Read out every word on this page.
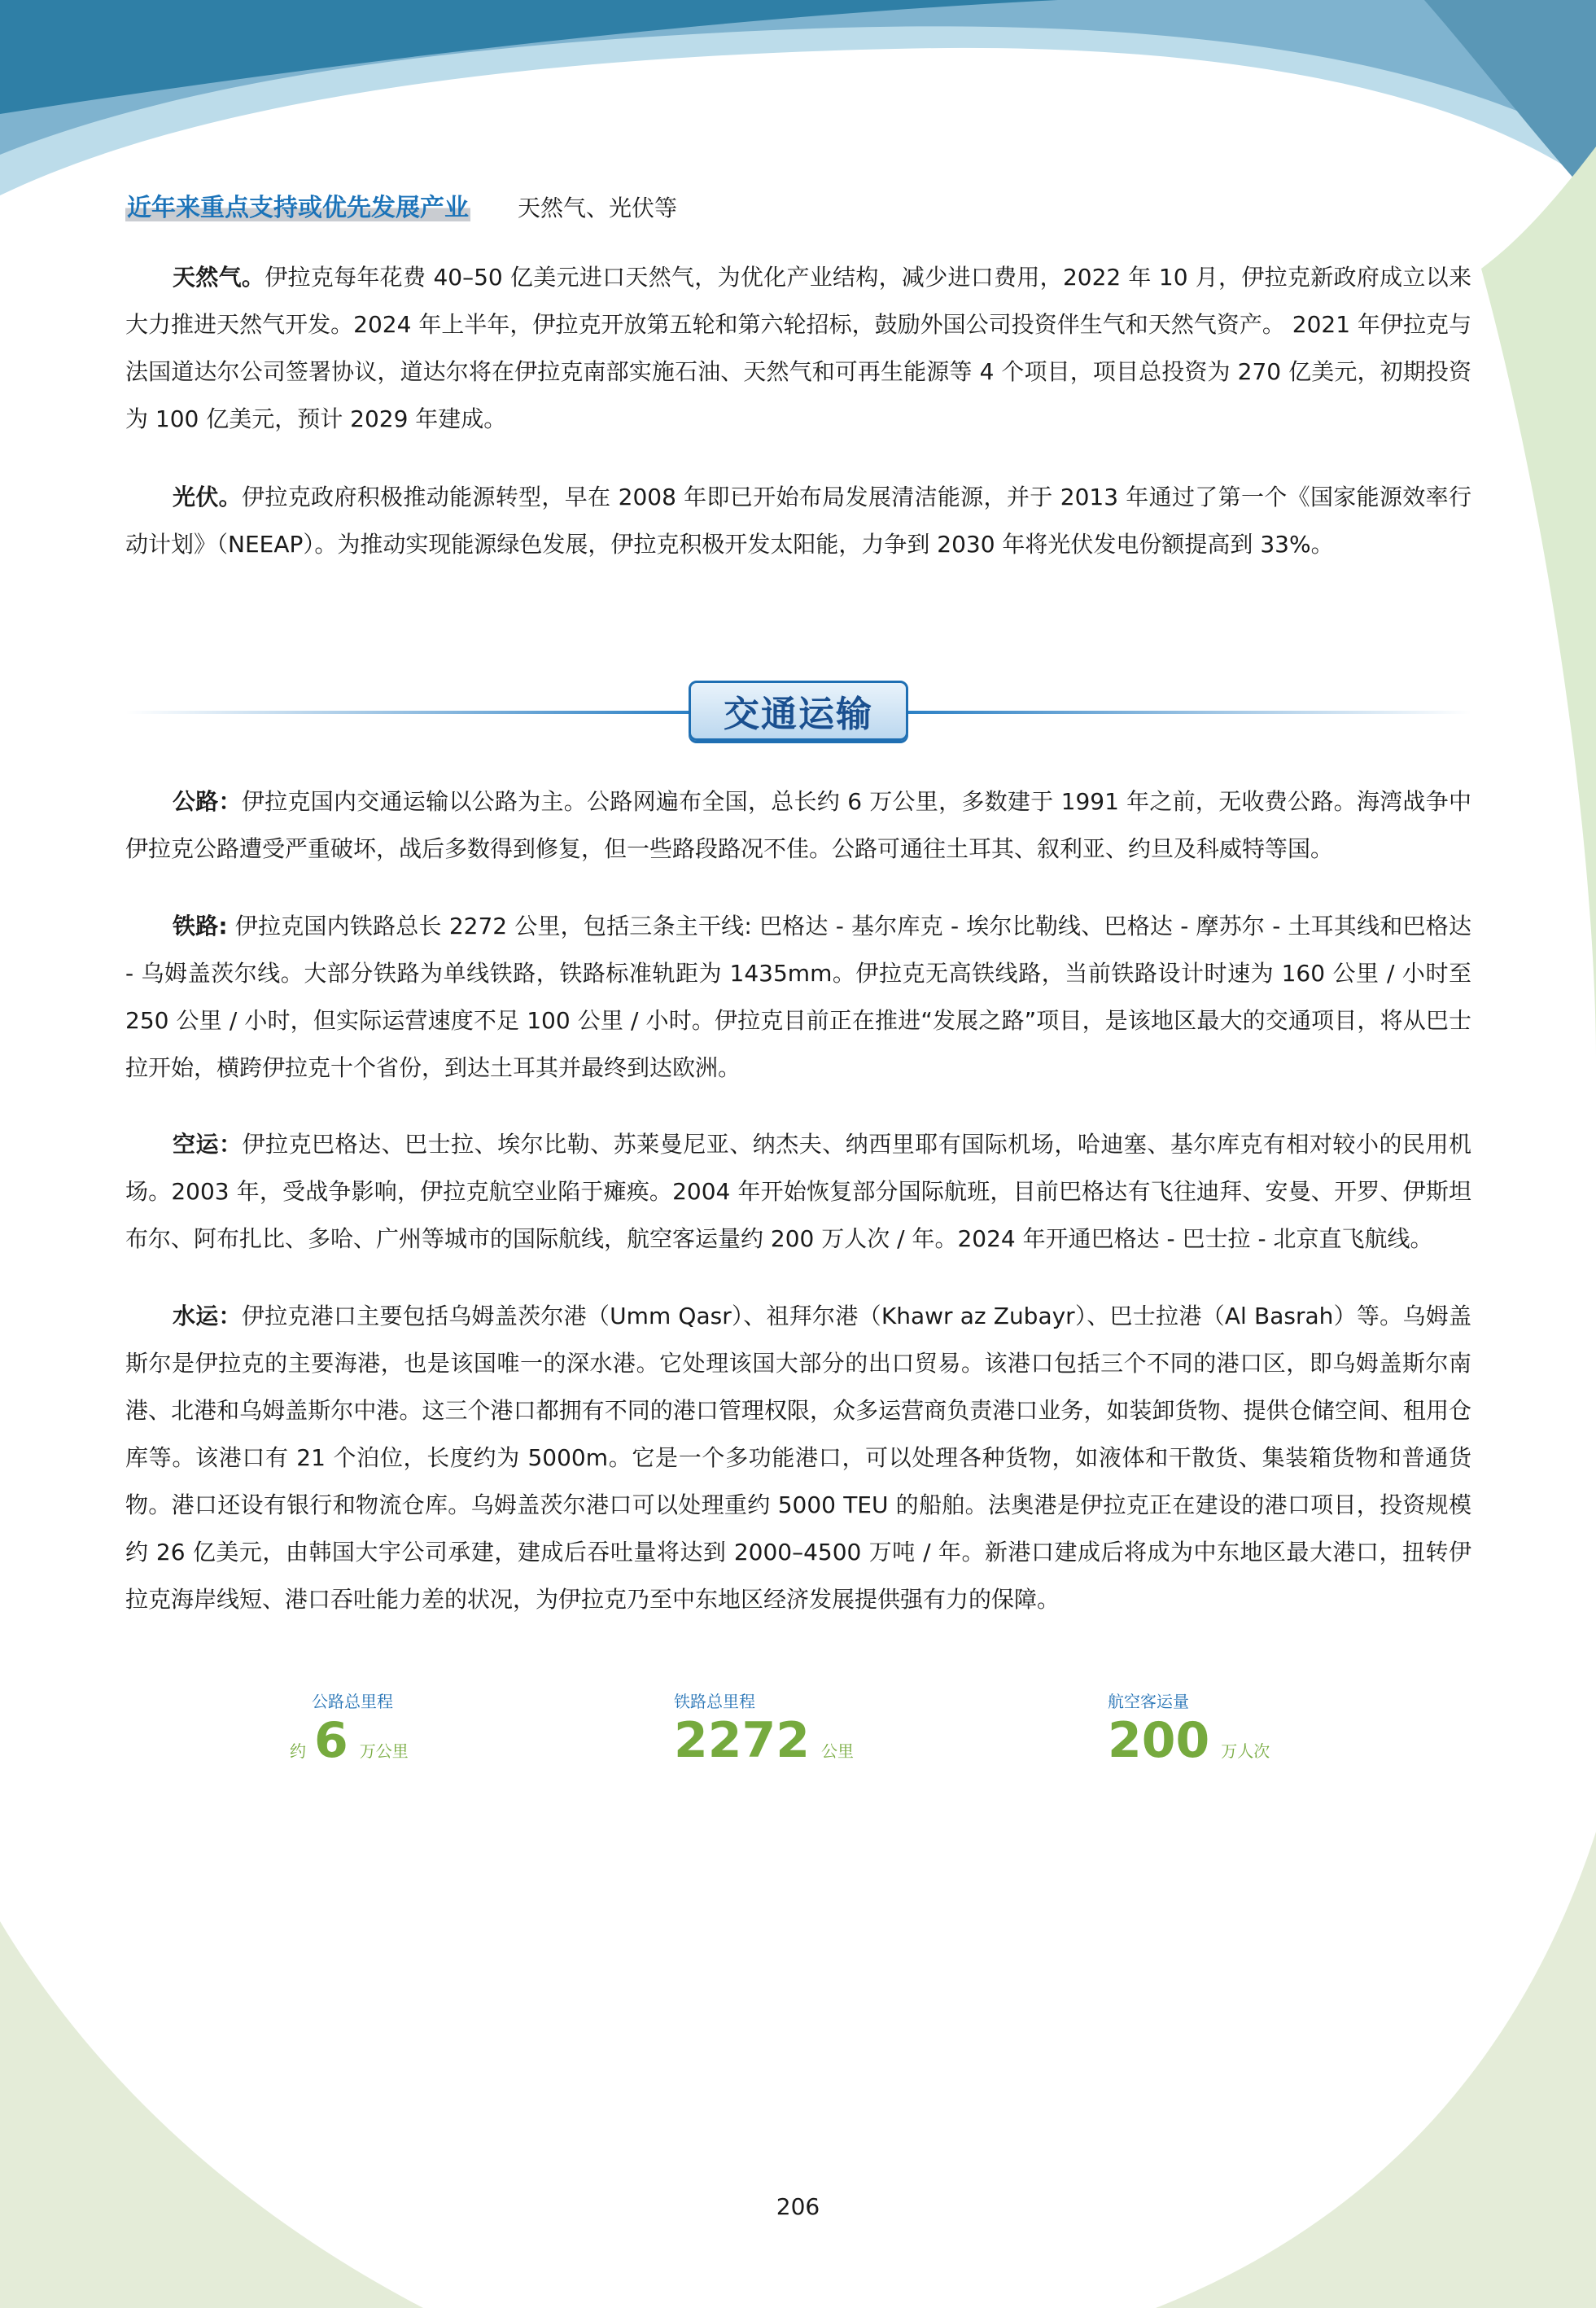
近年来重点支持或优先发展产业 天然气、光伏等

天然气。伊拉克每年花费 40–50 亿美元进口天然气，为优化产业结构，减少进口费用，2022 年 10 月，伊拉克新政府成立以来大力推进天然气开发。2024 年上半年，伊拉克开放第五轮和第六轮招标，鼓励外国公司投资伴生气和天然气资产。 2021 年伊拉克与法国道达尔公司签署协议，道达尔将在伊拉克南部实施石油、天然气和可再生能源等 4 个项目，项目总投资为 270 亿美元，初期投资为 100 亿美元，预计 2029 年建成。

光伏。伊拉克政府积极推动能源转型，早在 2008 年即已开始布局发展清洁能源，并于 2013 年通过了第一个《国家能源效率行动计划》（NEEAP）。为推动实现能源绿色发展，伊拉克积极开发太阳能，力争到 2030 年将光伏发电份额提高到 33%。

交通运输

公路：伊拉克国内交通运输以公路为主。公路网遍布全国，总长约 6 万公里，多数建于 1991 年之前，无收费公路。海湾战争中伊拉克公路遭受严重破坏，战后多数得到修复，但一些路段路况不佳。公路可通往土耳其、叙利亚、约旦及科威特等国。

铁路: 伊拉克国内铁路总长 2272 公里，包括三条主干线: 巴格达 - 基尔库克 - 埃尔比勒线、巴格达 - 摩苏尔 - 土耳其线和巴格达 - 乌姆盖茨尔线。大部分铁路为单线铁路，铁路标准轨距为 1435mm。伊拉克无高铁线路，当前铁路设计时速为 160 公里 / 小时至 250 公里 / 小时，但实际运营速度不足 100 公里 / 小时。伊拉克目前正在推进“发展之路”项目，是该地区最大的交通项目，将从巴士拉开始，横跨伊拉克十个省份，到达土耳其并最终到达欧洲。

空运：伊拉克巴格达、巴士拉、埃尔比勒、苏莱曼尼亚、纳杰夫、纳西里耶有国际机场，哈迪塞、基尔库克有相对较小的民用机场。2003 年，受战争影响，伊拉克航空业陷于瘫痪。2004 年开始恢复部分国际航班，目前巴格达有飞往迪拜、安曼、开罗、伊斯坦布尔、阿布扎比、多哈、广州等城市的国际航线，航空客运量约 200 万人次 / 年。2024 年开通巴格达 - 巴士拉 - 北京直飞航线。

水运：伊拉克港口主要包括乌姆盖茨尔港（Umm Qasr）、祖拜尔港（Khawr az Zubayr）、巴士拉港（Al Basrah）等。乌姆盖斯尔是伊拉克的主要海港，也是该国唯一的深水港。它处理该国大部分的出口贸易。该港口包括三个不同的港口区，即乌姆盖斯尔南港、北港和乌姆盖斯尔中港。这三个港口都拥有不同的港口管理权限，众多运营商负责港口业务，如装卸货物、提供仓储空间、租用仓库等。该港口有 21 个泊位，长度约为 5000m。它是一个多功能港口，可以处理各种货物，如液体和干散货、集装箱货物和普通货物。港口还设有银行和物流仓库。乌姆盖茨尔港口可以处理重约 5000 TEU 的船舶。法奥港是伊拉克正在建设的港口项目，投资规模约 26 亿美元，由韩国大宇公司承建，建成后吞吐量将达到 2000–4500 万吨 / 年。新港口建成后将成为中东地区最大港口，扭转伊拉克海岸线短、港口吞吐能力差的状况，为伊拉克乃至中东地区经济发展提供强有力的保障。

公路总里程
约 6 万公里
铁路总里程
2272 公里
航空客运量
200 万人次
206
